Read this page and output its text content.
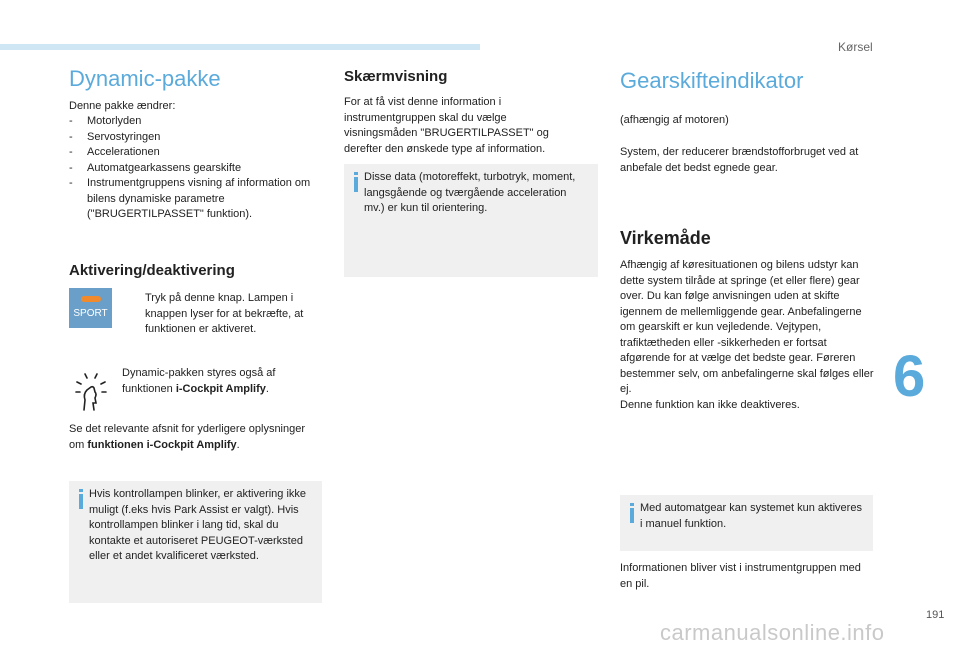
Kørsel
6
191
carmanualsonline.info
Dynamic-pakke
Denne pakke ændrer:
- Motorlyden
- Servostyringen
- Accelerationen
- Automatgearkassens gearskifte
- Instrumentgruppens visning af information om bilens dynamiske parametre ("BRUGERTILPASSET" funktion).
Aktivering/deaktivering
SPORT
Tryk på denne knap. Lampen i knappen lyser for at bekræfte, at funktionen er aktiveret.
Dynamic-pakken styres også af funktionen i-Cockpit Amplify.
Se det relevante afsnit for yderligere oplysninger om funktionen i-Cockpit Amplify.
Hvis kontrollampen blinker, er aktivering ikke muligt (f.eks hvis Park Assist er valgt). Hvis kontrollampen blinker i lang tid, skal du kontakte et autoriseret PEUGEOT-værksted eller et andet kvalificeret værksted.
Skærmvisning
For at få vist denne information i instrumentgruppen skal du vælge visningsmåden "BRUGERTILPASSET" og derefter den ønskede type af information.
Disse data (motoreffekt, turbotryk, moment, langsgående og tværgående acceleration mv.) er kun til orientering.
Gearskifteindikator
(afhængig af motoren)
System, der reducerer brændstofforbruget ved at anbefale det bedst egnede gear.
Virkemåde

Afhængig af køresituationen og bilens udstyr kan dette system tilråde at springe (et eller flere) gear over. Du kan følge anvisningen uden at skifte igennem de mellemliggende gear. Anbefalingerne om gearskift er kun vejledende. Vejtypen, trafiktætheden eller -sikkerheden er fortsat afgørende for at vælge det bedste gear. Føreren bestemmer selv, om anbefalingerne skal følges eller ej.

Denne funktion kan ikke deaktiveres.

Med automatgear kan systemet kun aktiveres i manuel funktion.
Informationen bliver vist i instrumentgruppen med en pil.
